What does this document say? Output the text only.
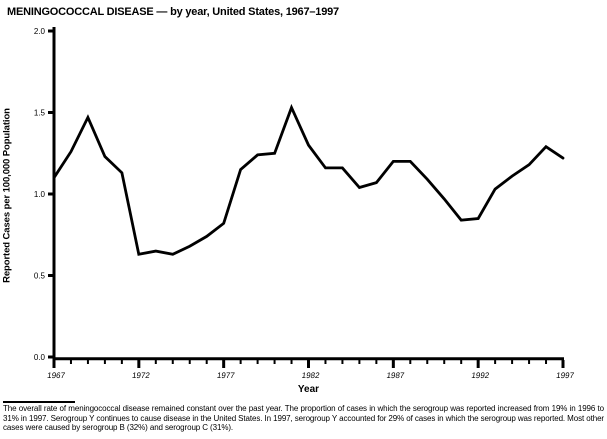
MENINGOCOCCAL DISEASE — by year, United States, 1967–1997
0.0
0.5
1.0
1.5
2.0
1967	1972	1977	1982	1987	1992	1997
Reported Cases per 100,000 Population
Year
The overall rate of meningococcal disease remained constant over the past year. The proportion of cases in which the serogroup was reported increased from 19% in 1996 to 31% in 1997. Serogroup Y continues to cause disease in the United States. In 1997, serogroup Y accounted for 29% of cases in which the serogroup was reported. Most other cases were caused by serogroup B (32%) and serogroup C (31%).
